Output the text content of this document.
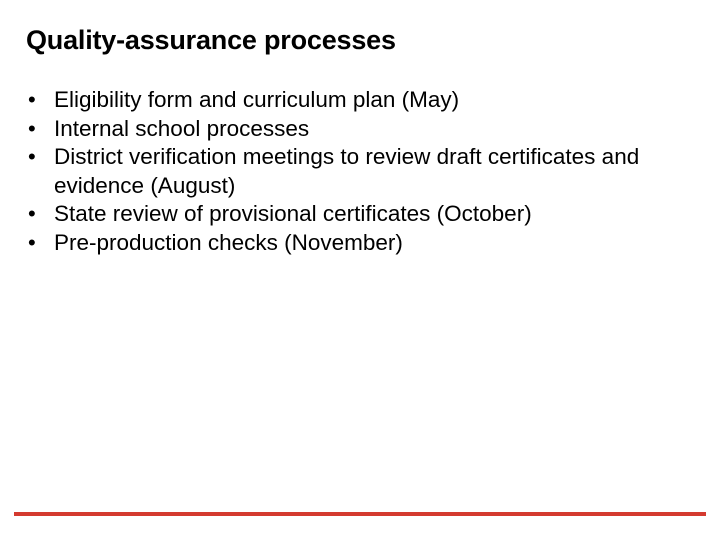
Quality-assurance processes
• Eligibility form and curriculum plan (May)
• Internal school processes
• District verification meetings to review draft certificates and evidence (August)
• State review of provisional certificates (October)
• Pre-production checks (November)
